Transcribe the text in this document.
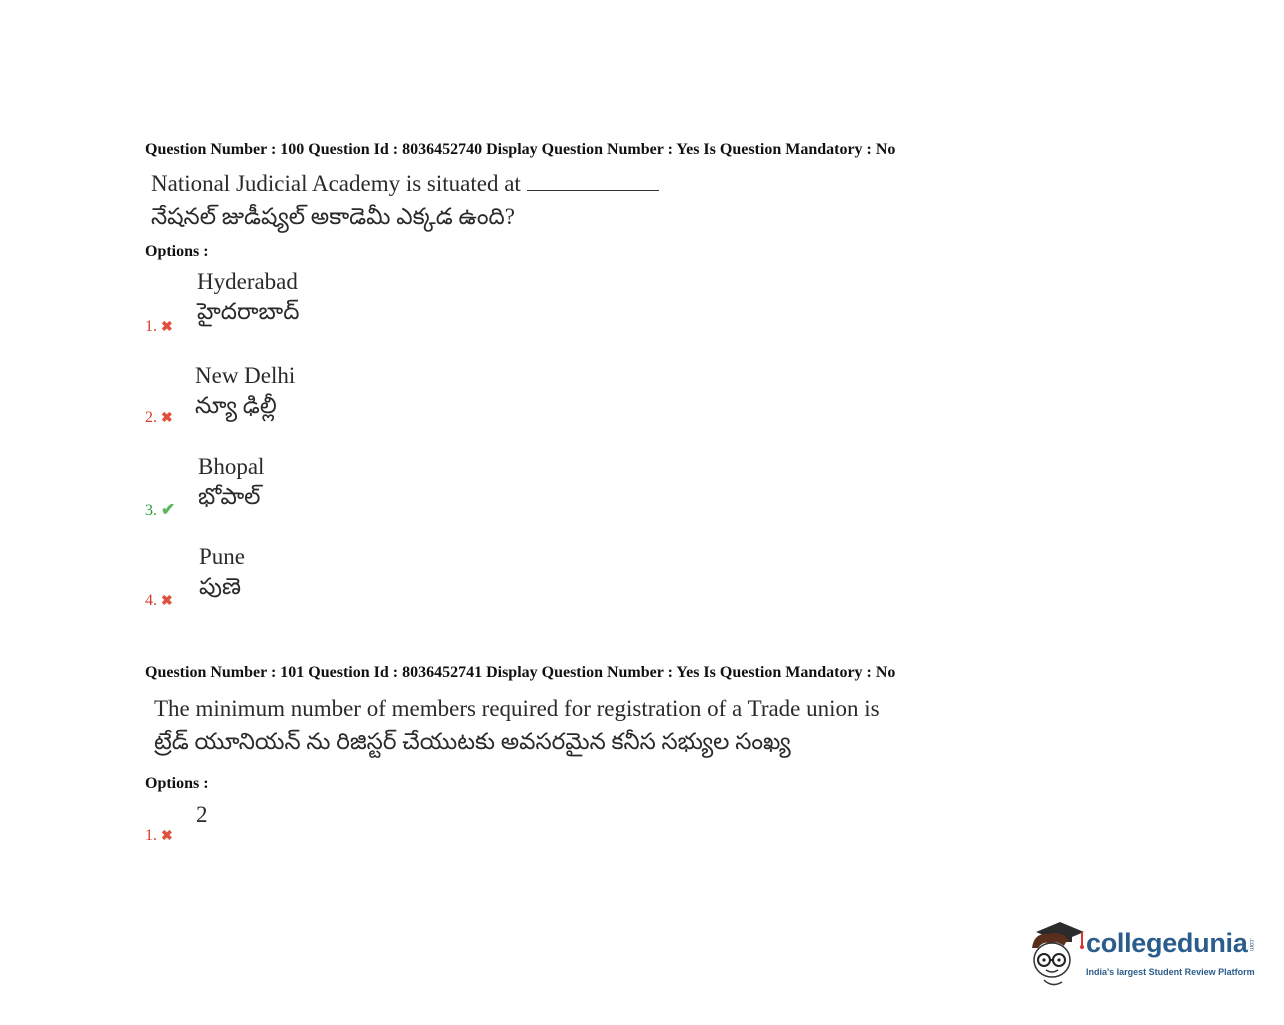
Question Number : 100 Question Id : 8036452740 Display Question Number : Yes Is Question Mandatory : No
National Judicial Academy is situated at
నేషనల్ జుడీష్యల్ అకాడెమీ ఎక్కడ ఉంది?
Options :
Hyderabad
హైదరాబాద్
1. ✖
New Delhi
న్యూ ఢిల్లీ
2. ✖
Bhopal
భోపాల్
3. ✔
Pune
పుణె
4. ✖
Question Number : 101 Question Id : 8036452741 Display Question Number : Yes Is Question Mandatory : No
The minimum number of members required for registration of a Trade union is
ట్రేడ్ యూనియన్ ను రిజిస్టర్ చేయుటకు అవసరమైన కనీస సభ్యుల సంఖ్య
Options :
2
1. ✖
collegedunia .com
India's largest Student Review Platform
